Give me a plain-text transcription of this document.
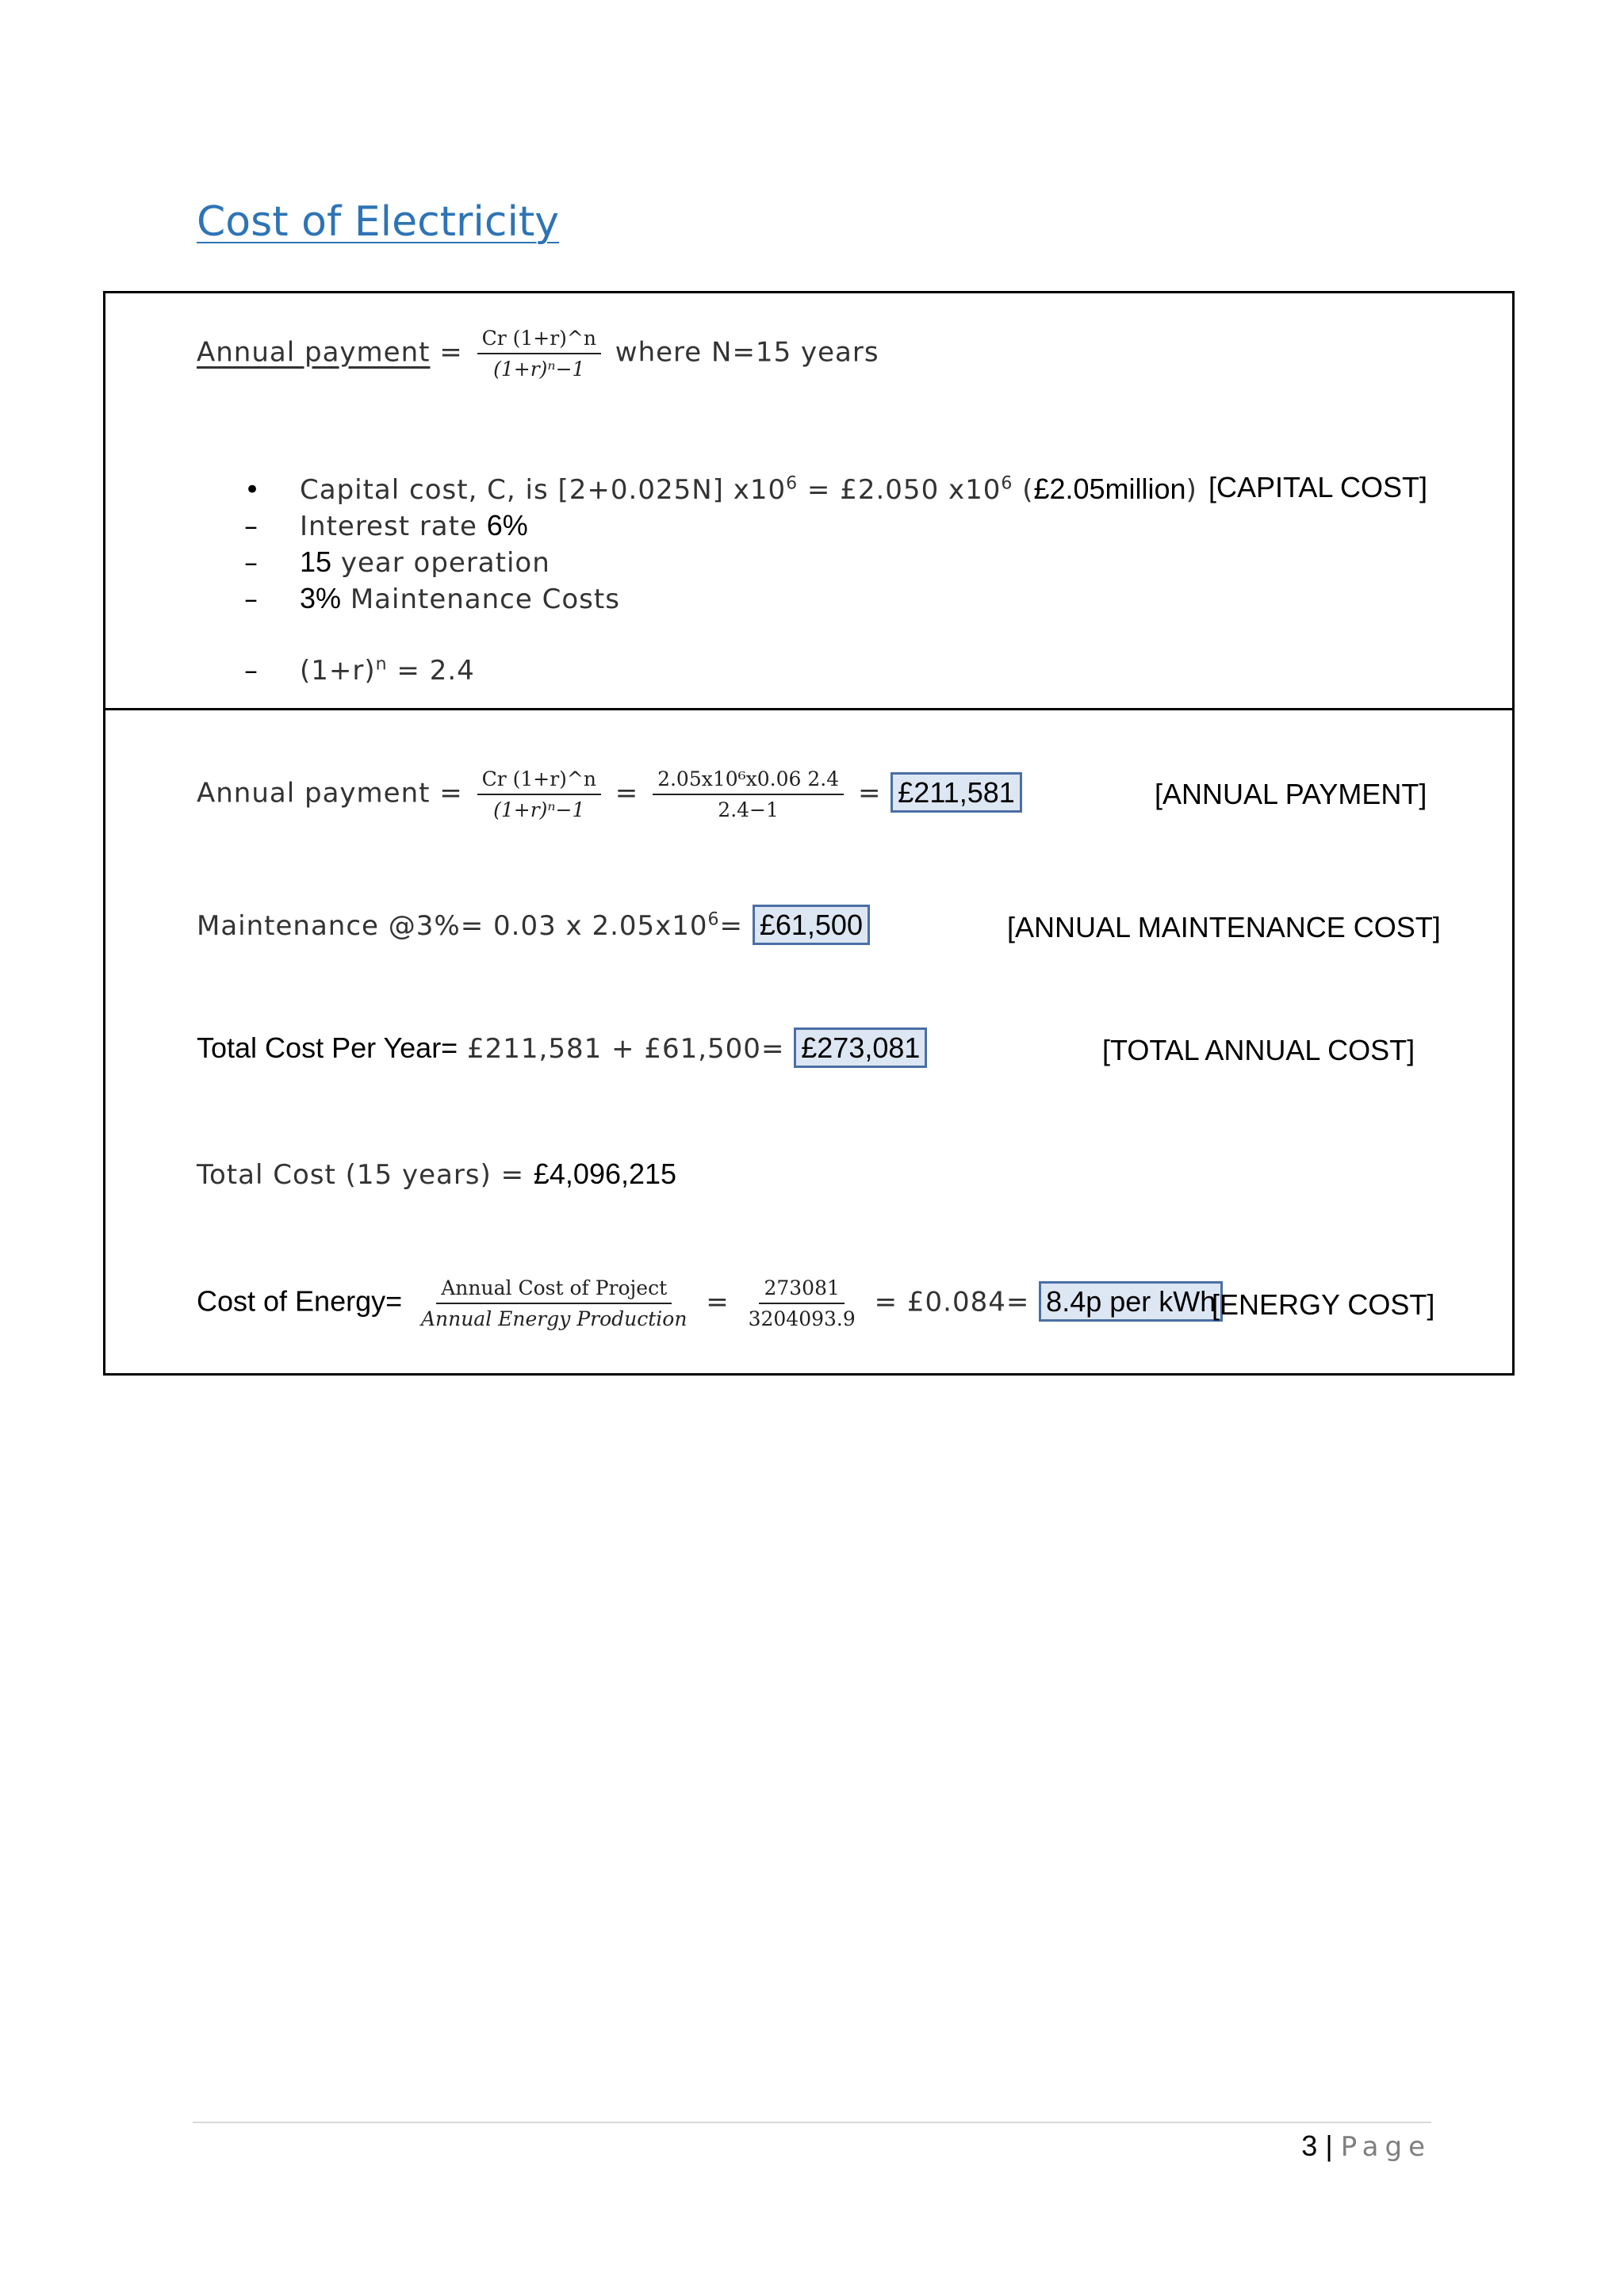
Cost of Electricity
Annual payment = $\frac{Cr (1+r)\^{}n}{\text{(1+r)ⁿ−1}}$ where N=15 years
• Capital cost, C, is [2+0.025N] $x10^6$ = £2.050 $x10^6$ (£2.05million) [CAPITAL COST]
– Interest rate 6%
– 15 year operation
– 3% Maintenance Costs
– $(1+r)^n = 2.4$
Annual payment = $\frac{Cr (1+r)\^{}n}{\text{(1+r)ⁿ−1}} = \frac{\text{2.05x10⁶x0.06 2.4}}{2.4-1}$ = £211,581	[ANNUAL PAYMENT]
Maintenance @3%= 0.03 x $2.05x10^6=$ £61,500	[ANNUAL MAINTENANCE COST]
Total Cost Per Year= £211,581 + £61,500= £273,081	[TOTAL ANNUAL COST]
Total Cost (15 years) = £4,096,215
Cost of Energy= $\frac{\text{Annual Cost of Project}}{\text{Annual Energy Production}} = \frac{273081}{3204093.9}$ = £0.084= 8.4p per kWh
[ENERGY COST]
3 | Page
